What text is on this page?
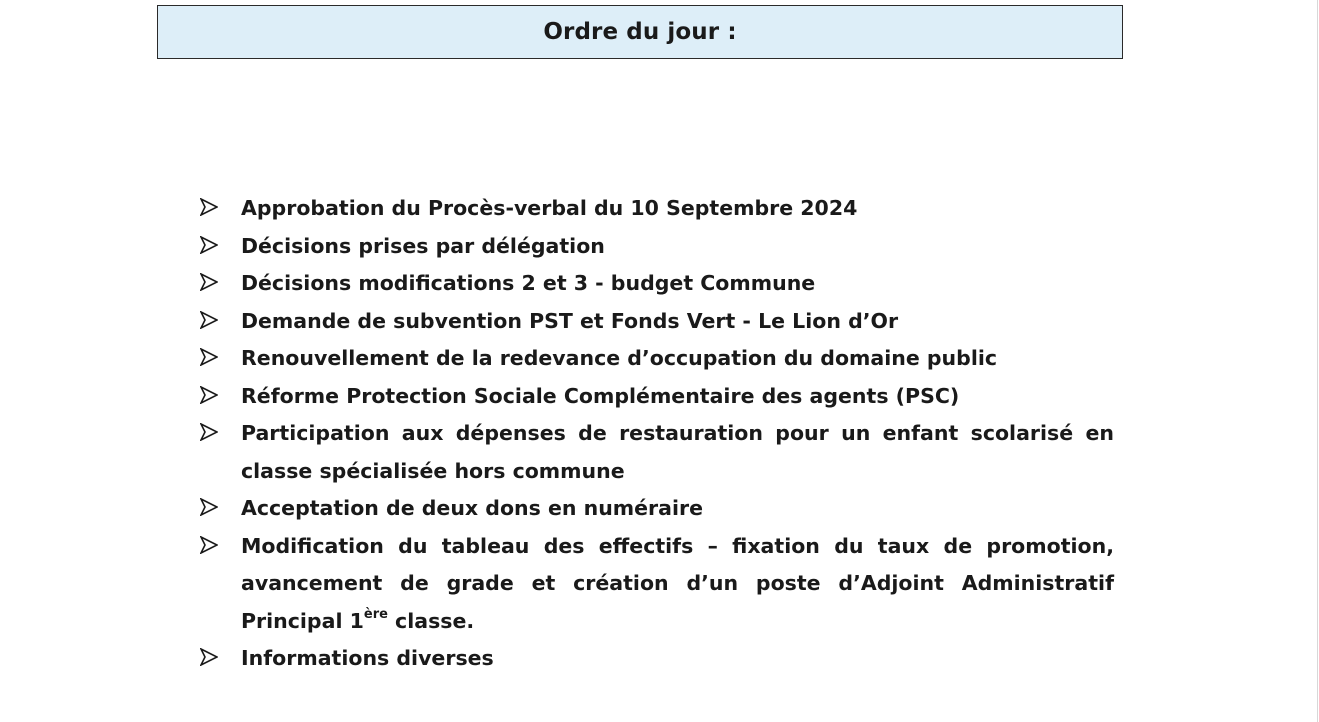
Ordre du jour :
Approbation du Procès-verbal du 10 Septembre 2024
Décisions prises par délégation
Décisions modifications 2 et 3 - budget Commune
Demande de subvention PST et Fonds Vert - Le Lion d’Or
Renouvellement de la redevance d’occupation du domaine public
Réforme Protection Sociale Complémentaire des agents (PSC)
Participation aux dépenses de restauration pour un enfant scolarisé en classe spécialisée hors commune
Acceptation de deux dons en numéraire
Modification du tableau des effectifs – fixation du taux de promotion, avancement de grade et création d’un poste d’Adjoint Administratif Principal 1ère classe.
Informations diverses
